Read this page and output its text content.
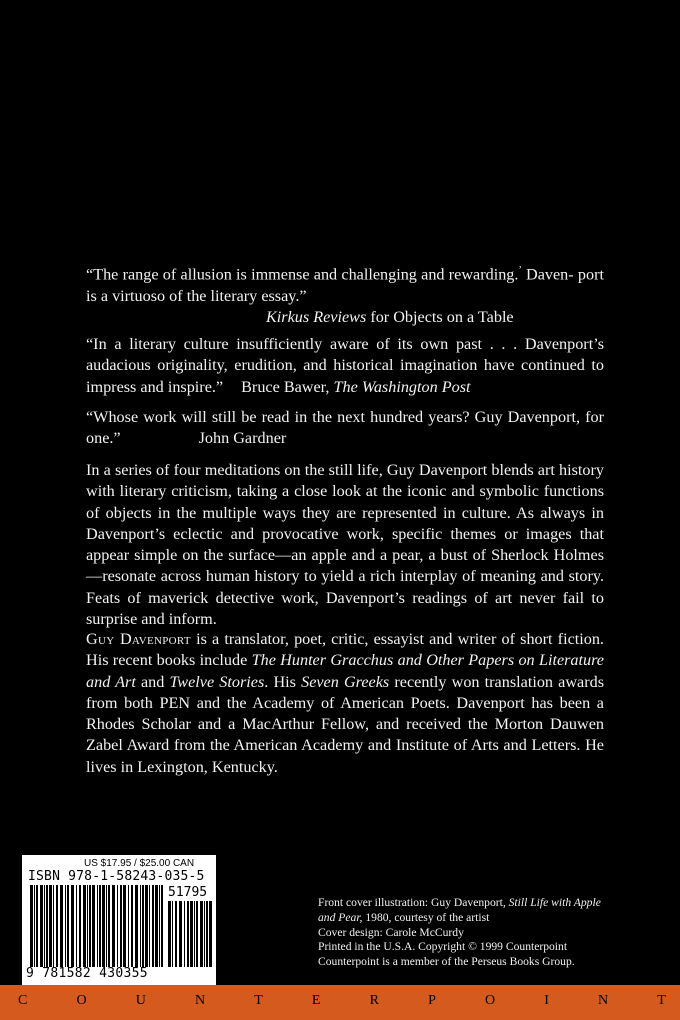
“The range of allusion is immense and challenging and rewarding.’ Daven- port is a virtuoso of the literary essay.”

Kirkus Reviews for Objects on a Table

“In a literary culture insufficiently aware of its own past . . . Davenport’s audacious originality, erudition, and historical imagination have continued to impress and inspire.” Bruce Bawer, The Washington Post

“Whose work will still be read in the next hundred years? Guy Davenport, for one.”	John Gardner

In a series of four meditations on the still life, Guy Davenport blends art history with literary criticism, taking a close look at the iconic and symbolic functions of objects in the multiple ways they are represented in culture. As always in Davenport’s eclectic and provocative work, specific themes or images that appear simple on the surface—an apple and a pear, a bust of Sherlock Holmes—resonate across human history to yield a rich interplay of meaning and story. Feats of maverick detective work, Davenport’s readings of art never fail to surprise and inform.
Guy Davenport is a translator, poet, critic, essayist and writer of short fiction. His recent books include The Hunter Gracchus and Other Papers on Literature and Art and Twelve Stories. His Seven Greeks recently won translation awards from both PEN and the Academy of American Poets. Davenport has been a Rhodes Scholar and a MacArthur Fellow, and received the Morton Dauwen Zabel Award from the American Academy and Institute of Arts and Letters. He lives in Lexington, Kentucky.
US $17.95 / $25.00 CAN
ISBN 978-1-58243-035-5
51795
9 781582 430355

Front cover illustration: Guy Davenport, Still Life with Apple and Pear, 1980, courtesy of the artist

Cover design: Carole McCurdy

Printed in the U.S.A. Copyright © 1999 Counterpoint

Counterpoint is a member of the Perseus Books Group.

C	O	U	N	T	E	R	P	O	I	N	T
